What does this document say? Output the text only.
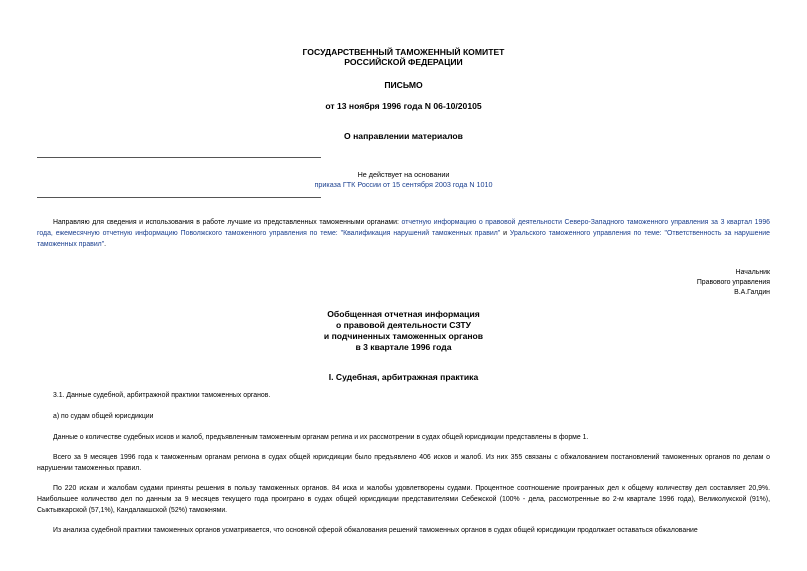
ГОСУДАРСТВЕННЫЙ ТАМОЖЕННЫЙ КОМИТЕТ
РОССИЙСКОЙ ФЕДЕРАЦИИ
ПИСЬМО
от 13 ноября 1996 года N 06-10/20105
О направлении материалов
Не действует на основании
приказа ГТК России от 15 сентября 2003 года N 1010
Направляю для сведения и использования в работе лучшие из представленных таможенными органами: отчетную информацию о правовой деятельности Северо-Западного таможенного управления за 3 квартал 1996 года, ежемесячную отчетную информацию Поволжского таможенного управления по теме: "Квалификация нарушений таможенных правил" и Уральского таможенного управления по теме: "Ответственность за нарушение таможенных правил".
Начальник
Правового управления
В.А.Галдин
Обобщенная отчетная информация
о правовой деятельности СЗТУ
и подчиненных таможенных органов
в 3 квартале 1996 года
I. Судебная, арбитражная практика
3.1. Данные судебной, арбитражной практики таможенных органов.
а) по судам общей юрисдикции
Данные о количестве судебных исков и жалоб, предъявленным таможенным органам регина и их рассмотрении в судах общей юрисдикции представлены в форме 1.
Всего за 9 месяцев 1996 года к таможенным органам региона в судах общей юрисдикции было предъявлено 406 исков и жалоб. Из них 355 связаны с обжалованием постановлений таможенных органов по делам о нарушении таможенных правил.
По 220 искам и жалобам судами приняты решения в пользу таможенных органов. 84 иска и жалобы удовлетворены судами. Процентное соотношение проигранных дел к общему количеству дел составляет 20,9%. Наибольшее количество дел по данным за 9 месяцев текущего года проиграно в судах общей юрисдикции представителями Себежской (100% - дела, рассмотренные во 2-м квартале 1996 года), Великолукской (91%), Сыктывкарской (57,1%), Кандалакшской (52%) таможнями.
Из анализа судебной практики таможенных органов усматривается, что основной сферой обжалования решений таможенных органов в судах общей юрисдикции продолжает оставаться обжалование
